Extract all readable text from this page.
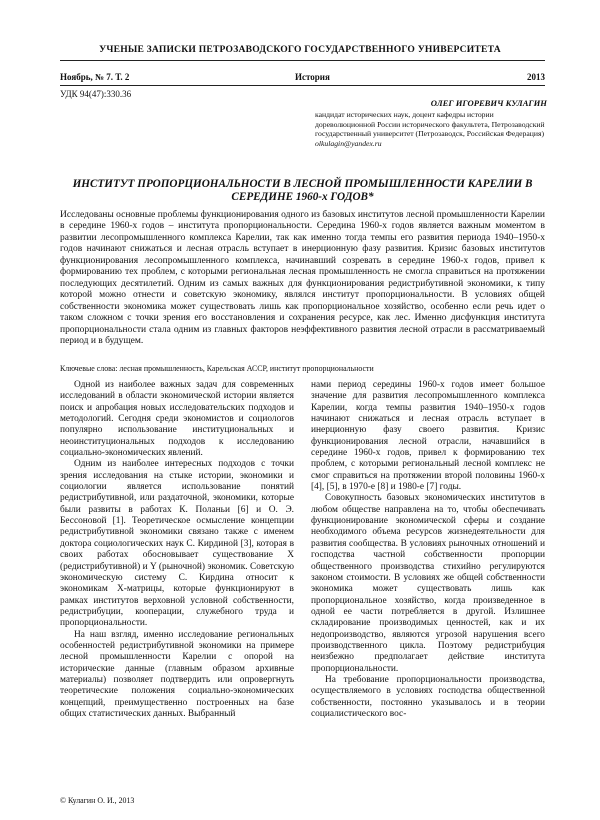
УЧЕНЫЕ ЗАПИСКИ ПЕТРОЗАВОДСКОГО ГОСУДАРСТВЕННОГО УНИВЕРСИТЕТА
Ноябрь, № 7. Т. 2	История	2013
УДК 94(47):330.36
ОЛЕГ ИГОРЕВИЧ КУЛАГИН
кандидат исторических наук, доцент кафедры истории дореволюционной России исторического факультета, Петрозаводский государственный университет (Петрозаводск, Российская Федерация)
olkulagin@yandex.ru
ИНСТИТУТ ПРОПОРЦИОНАЛЬНОСТИ В ЛЕСНОЙ ПРОМЫШЛЕННОСТИ КАРЕЛИИ В СЕРЕДИНЕ 1960-х ГОДОВ*
Исследованы основные проблемы функционирования одного из базовых институтов лесной промышленности Карелии в середине 1960-х годов – института пропорциональности. Середина 1960-х годов является важным моментом в развитии лесопромышленного комплекса Карелии, так как именно тогда темпы его развития периода 1940–1950-х годов начинают снижаться и лесная отрасль вступает в инерционную фазу развития. Кризис базовых институтов функционирования лесопромышленного комплекса, начинавший созревать в середине 1960-х годов, привел к формированию тех проблем, с которыми региональная лесная промышленность не смогла справиться на протяжении последующих десятилетий. Одним из самых важных для функционирования редистрибутивной экономики, к типу которой можно отнести и советскую экономику, являлся институт пропорциональности. В условиях общей собственности экономика может существовать лишь как пропорциональное хозяйство, особенно если речь идет о таком сложном с точки зрения его восстановления и сохранения ресурсе, как лес. Именно дисфункция института пропорциональности стала одним из главных факторов неэффективного развития лесной отрасли в рассматриваемый период и в будущем.
Ключевые слова: лесная промышленность, Карельская АССР, институт пропорциональности

Одной из наиболее важных задач для современных исследований в области экономической истории является поиск и апробация новых исследовательских подходов и методологий. Сегодня среди экономистов и социологов популярно использование институциональных и неоинституциональных подходов к исследованию социально-экономических явлений.

Одним из наиболее интересных подходов с точки зрения исследования на стыке истории, экономики и социологии является использование понятий редистрибутивной, или раздаточной, экономики, которые были развиты в работах К. Поланьи [6] и О. Э. Бессоновой [1]. Теоретическое осмысление концепции редистрибутивной экономики связано также с именем доктора социологических наук С. Кирдиной [3], которая в своих работах обосновывает существование Х (редистрибутивной) и Y (рыночной) экономик. Советскую экономическую систему С. Кирдина относит к экономикам Х-матрицы, которые функционируют в рамках институтов верховной условной собственности, редистрибуции, кооперации, служебного труда и пропорциональности.

На наш взгляд, именно исследование региональных особенностей редистрибутивной экономики на примере лесной промышленности Карелии с опорой на исторические данные (главным образом архивные материалы) позволяет подтвердить или опровергнуть теоретические положения социально-экономических концепций, преимущественно построенных на базе общих статистических данных. Выбранный

нами период середины 1960-х годов имеет большое значение для развития лесопромышленного комплекса Карелии, когда темпы развития 1940–1950-х годов начинают снижаться и лесная отрасль вступает в инерционную фазу своего развития. Кризис функционирования лесной отрасли, начавшийся в середине 1960-х годов, привел к формированию тех проблем, с которыми региональный лесной комплекс не смог справиться на протяжении второй половины 1960-х [4], [5], в 1970-е [8] и 1980-е [7] годы.

Совокупность базовых экономических институтов в любом обществе направлена на то, чтобы обеспечивать функционирование экономической сферы и создание необходимого объема ресурсов жизнедеятельности для развития сообщества. В условиях рыночных отношений и господства частной собственности пропорции общественного производства стихийно регулируются законом стоимости. В условиях же общей собственности экономика может существовать лишь как пропорциональное хозяйство, когда произведенное в одной ее части потребляется в другой. Излишнее складирование производимых ценностей, как и их недопроизводство, являются угрозой нарушения всего производственного цикла. Поэтому редистрибуция неизбежно предполагает действие института пропорциональности.

На требование пропорциональности производства, осуществляемого в условиях господства общественной собственности, постоянно указывалось и в теории социалистического вос-

© Кулагин О. И., 2013
